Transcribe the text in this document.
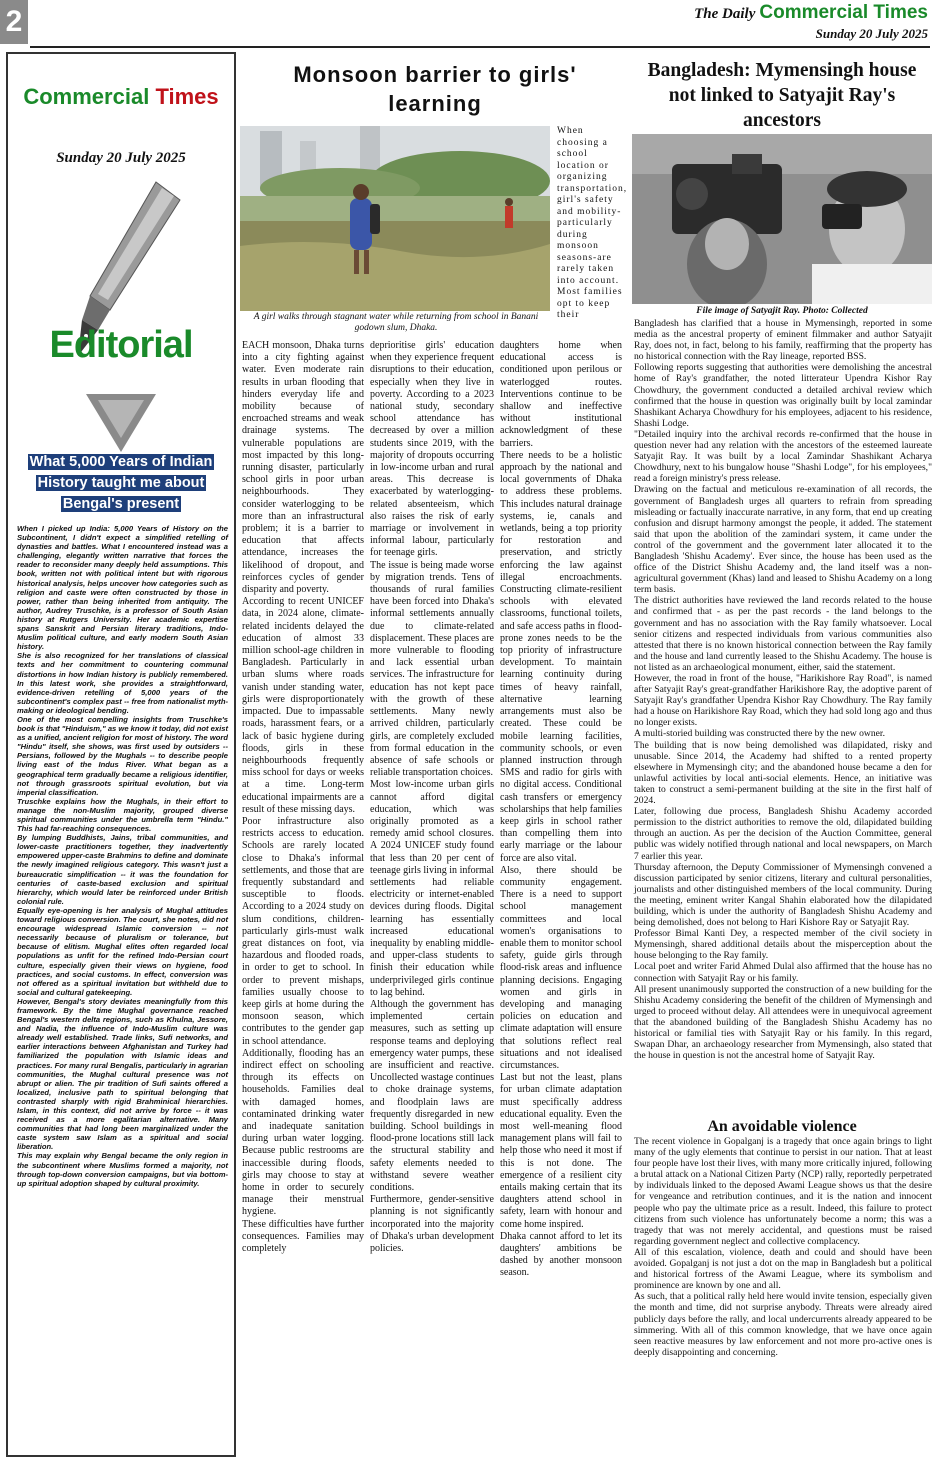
2	The Daily Commercial Times
Sunday 20 July 2025
Commercial Times
Sunday 20 July 2025
Editorial
What 5,000 Years of Indian History taught me about Bengal's present

When I picked up India: 5,000 Years of History on the Subcontinent, I didn't expect a simplified retelling of dynasties and battles. What I encountered instead was a challenging, elegantly written narrative that forces the reader to reconsider many deeply held assumptions. This book, written not with political intent but with rigorous historical analysis, helps uncover how categories such as religion and caste were often constructed by those in power, rather than being inherited from antiquity. The author, Audrey Truschke, is a professor of South Asian history at Rutgers University. Her academic expertise spans Sanskrit and Persian literary traditions, Indo-Muslim political culture, and early modern South Asian history.

She is also recognized for her translations of classical texts and her commitment to countering communal distortions in how Indian history is publicly remembered. In this latest work, she provides a straightforward, evidence-driven retelling of 5,000 years of the subcontinent's complex past -- free from nationalist myth-making or ideological bending.

One of the most compelling insights from Truschke's book is that "Hinduism," as we know it today, did not exist as a unified, ancient religion for most of history. The word "Hindu" itself, she shows, was first used by outsiders -- Persians, followed by the Mughals -- to describe people living east of the Indus River. What began as a geographical term gradually became a religious identifier, not through grassroots spiritual evolution, but via imperial classification.

Truschke explains how the Mughals, in their effort to manage the non-Muslim majority, grouped diverse spiritual communities under the umbrella term "Hindu." This had far-reaching consequences.

By lumping Buddhists, Jains, tribal communities, and lower-caste practitioners together, they inadvertently empowered upper-caste Brahmins to define and dominate the newly imagined religious category. This wasn't just a bureaucratic simplification -- it was the foundation for centuries of caste-based exclusion and spiritual hierarchy, which would later be reinforced under British colonial rule.

Equally eye-opening is her analysis of Mughal attitudes toward religious conversion. The court, she notes, did not encourage widespread Islamic conversion -- not necessarily because of pluralism or tolerance, but because of elitism. Mughal elites often regarded local populations as unfit for the refined Indo-Persian court culture, especially given their views on hygiene, food practices, and social customs. In effect, conversion was not offered as a spiritual invitation but withheld due to social and cultural gatekeeping.

However, Bengal's story deviates meaningfully from this framework. By the time Mughal governance reached Bengal's western delta regions, such as Khulna, Jessore, and Nadia, the influence of Indo-Muslim culture was already well established. Trade links, Sufi networks, and earlier interactions between Afghanistan and Turkey had familiarized the population with Islamic ideas and practices. For many rural Bengalis, particularly in agrarian communities, the Mughal cultural presence was not abrupt or alien. The pir tradition of Sufi saints offered a localized, inclusive path to spiritual belonging that contrasted sharply with rigid Brahminical hierarchies. Islam, in this context, did not arrive by force -- it was received as a more egalitarian alternative. Many communities that had long been marginalized under the caste system saw Islam as a spiritual and social liberation.

This may explain why Bengal became the only region in the subcontinent where Muslims formed a majority, not through top-down conversion campaigns, but via bottom-up spiritual adoption shaped by cultural proximity.

Monsoon barrier to girls' learning
A girl walks through stagnant water while returning from school in Banani godown slum, Dhaka.
When choosing a school location or organizing transportation, girl's safety and mobility-particularly during monsoon seasons-are rarely taken into account. Most families opt to keep their

EACH monsoon, Dhaka turns into a city fighting against water. Even moderate rain results in urban flooding that hinders everyday life and mobility because of encroached streams and weak drainage systems. The vulnerable populations are most impacted by this long-running disaster, particularly school girls in poor urban neighbourhoods. They consider waterlogging to be more than an infrastructural problem; it is a barrier to education that affects attendance, increases the likelihood of dropout, and reinforces cycles of gender disparity and poverty.

According to recent UNICEF data, in 2024 alone, climate-related incidents delayed the education of almost 33 million school-age children in Bangladesh. Particularly in urban slums where roads vanish under standing water, girls were disproportionately impacted. Due to impassable roads, harassment fears, or a lack of basic hygiene during floods, girls in these neighbourhoods frequently miss school for days or weeks at a time. Long-term educational impairments are a result of these missing days.

Poor infrastructure also restricts access to education. Schools are rarely located close to Dhaka's informal settlements, and those that are frequently substandard and susceptible to floods. According to a 2024 study on slum conditions, children-particularly girls-must walk great distances on foot, via hazardous and flooded roads, in order to get to school. In order to prevent mishaps, families usually choose to keep girls at home during the monsoon season, which contributes to the gender gap in school attendance.

Additionally, flooding has an indirect effect on schooling through its effects on households. Families deal with damaged homes, contaminated drinking water and inadequate sanitation during urban water logging. Because public restrooms are inaccessible during floods, girls may choose to stay at home in order to securely manage their menstrual hygiene.

These difficulties have further consequences. Families may completely

deprioritise girls' education when they experience frequent disruptions to their education, especially when they live in poverty. According to a 2023 national study, secondary school attendance has decreased by over a million students since 2019, with the majority of dropouts occurring in low-income urban and rural areas. This decrease is exacerbated by waterlogging-related absenteeism, which also raises the risk of early marriage or involvement in informal labour, particularly for teenage girls.

The issue is being made worse by migration trends. Tens of thousands of rural families have been forced into Dhaka's informal settlements annually due to climate-related displacement. These places are more vulnerable to flooding and lack essential urban services. The infrastructure for education has not kept pace with the growth of these settlements. Many newly arrived children, particularly girls, are completely excluded from formal education in the absence of safe schools or reliable transportation choices.

Most low-income urban girls cannot afford digital education, which was originally promoted as a remedy amid school closures. A 2024 UNICEF study found that less than 20 per cent of teenage girls living in informal settlements had reliable electricity or internet-enabled devices during floods. Digital learning has essentially increased educational inequality by enabling middle-and upper-class students to finish their education while underprivileged girls continue to lag behind.

Although the government has implemented certain measures, such as setting up response teams and deploying emergency water pumps, these are insufficient and reactive. Uncollected wastage continues to choke drainage systems, and floodplain laws are frequently disregarded in new building. School buildings in flood-prone locations still lack the structural stability and safety elements needed to withstand severe weather conditions.

Furthermore, gender-sensitive planning is not significantly incorporated into the majority of Dhaka's urban development policies.

daughters home when educational access is conditioned upon perilous or waterlogged routes. Interventions continue to be shallow and ineffective without institutional acknowledgment of these barriers.

There needs to be a holistic approach by the national and local governments of Dhaka to address these problems. This includes natural drainage systems, ie, canals and wetlands, being a top priority for restoration and preservation, and strictly enforcing the law against illegal encroachments. Constructing climate-resilient schools with elevated classrooms, functional toilets, and safe access paths in flood-prone zones needs to be the top priority of infrastructure development. To maintain learning continuity during times of heavy rainfall, alternative learning arrangements must also be created. These could be mobile learning facilities, community schools, or even planned instruction through SMS and radio for girls with no digital access. Conditional cash transfers or emergency scholarships that help families keep girls in school rather than compelling them into early marriage or the labour force are also vital.

Also, there should be community engagement. There is a need to support school management committees and local women's organisations to enable them to monitor school safety, guide girls through flood-risk areas and influence planning decisions. Engaging women and girls in developing and managing policies on education and climate adaptation will ensure that solutions reflect real situations and not idealised circumstances.

Last but not the least, plans for urban climate adaptation must specifically address educational equality. Even the most well-meaning flood management plans will fail to help those who need it most if this is not done. The emergence of a resilient city entails making certain that its daughters attend school in safety, learn with honour and come home inspired.

Dhaka cannot afford to let its daughters' ambitions be dashed by another monsoon season.

Bangladesh: Mymensingh house not linked to Satyajit Ray's ancestors
File image of Satyajit Ray. Photo: Collected

Bangladesh has clarified that a house in Mymensingh, reported in some media as the ancestral property of eminent filmmaker and author Satyajit Ray, does not, in fact, belong to his family, reaffirming that the property has no historical connection with the Ray lineage, reported BSS.

Following reports suggesting that authorities were demolishing the ancestral home of Ray's grandfather, the noted litterateur Upendra Kishor Ray Chowdhury, the government conducted a detailed archival review which confirmed that the house in question was originally built by local zamindar Shashikant Acharya Chowdhury for his employees, adjacent to his residence, Shashi Lodge.

"Detailed inquiry into the archival records re-confirmed that the house in question never had any relation with the ancestors of the esteemed laureate Satyajit Ray. It was built by a local Zamindar Shashikant Acharya Chowdhury, next to his bungalow house "Shashi Lodge", for his employees," read a foreign ministry's press release.

Drawing on the factual and meticulous re-examination of all records, the government of Bangladesh urges all quarters to refrain from spreading misleading or factually inaccurate narrative, in any form, that end up creating confusion and disrupt harmony amongst the people, it added. The statement said that upon the abolition of the zamindari system, it came under the control of the government and the government later allocated it to the Bangladesh 'Shishu Academy'. Ever since, the house has been used as the office of the District Shishu Academy and, the land itself was a non-agricultural government (Khas) land and leased to Shishu Academy on a long term basis.

The district authorities have reviewed the land records related to the house and confirmed that - as per the past records - the land belongs to the government and has no association with the Ray family whatsoever. Local senior citizens and respected individuals from various communities also attested that there is no known historical connection between the Ray family and the house and land currently leased to the Shishu Academy. The house is not listed as an archaeological monument, either, said the statement.

However, the road in front of the house, "Harikishore Ray Road", is named after Satyajit Ray's great-grandfather Harikishore Ray, the adoptive parent of Satyajit Ray's grandfather Upendra Kishor Ray Chowdhury. The Ray family had a house on Harikishore Ray Road, which they had sold long ago and thus no longer exists.

A multi-storied building was constructed there by the new owner.

The building that is now being demolished was dilapidated, risky and unusable. Since 2014, the Academy had shifted to a rented property elsewhere in Mymensingh city; and the abandoned house became a den for unlawful activities by local anti-social elements. Hence, an initiative was taken to construct a semi-permanent building at the site in the first half of 2024.

Later, following due process, Bangladesh Shishu Academy accorded permission to the district authorities to remove the old, dilapidated building through an auction. As per the decision of the Auction Committee, general public was widely notified through national and local newspapers, on March 7 earlier this year.

Thursday afternoon, the Deputy Commissioner of Mymensingh convened a discussion participated by senior citizens, literary and cultural personalities, journalists and other distinguished members of the local community. During the meeting, eminent writer Kangal Shahin elaborated how the dilapidated building, which is under the authority of Bangladesh Shishu Academy and being demolished, does not belong to Hari Kishore Ray or Satyajit Ray.

Professor Bimal Kanti Dey, a respected member of the civil society in Mymensingh, shared additional details about the misperception about the house belonging to the Ray family.

Local poet and writer Farid Ahmed Dulal also affirmed that the house has no connection with Satyajit Ray or his family.

All present unanimously supported the construction of a new building for the Shishu Academy considering the benefit of the children of Mymensingh and urged to proceed without delay. All attendees were in unequivocal agreement that the abandoned building of the Bangladesh Shishu Academy has no historical or familial ties with Satyajit Ray or his family. In this regard, Swapan Dhar, an archaeology researcher from Mymensingh, also stated that the house in question is not the ancestral home of Satyajit Ray.

An avoidable violence

The recent violence in Gopalganj is a tragedy that once again brings to light many of the ugly elements that continue to persist in our nation. That at least four people have lost their lives, with many more critically injured, following a brutal attack on a National Citizen Party (NCP) rally, reportedly perpetrated by individuals linked to the deposed Awami League shows us that the desire for vengeance and retribution continues, and it is the nation and innocent people who pay the ultimate price as a result. Indeed, this failure to protect citizens from such violence has unfortunately become a norm; this was a tragedy that was not merely accidental, and questions must be raised regarding government neglect and collective complacency.

All of this escalation, violence, death and could and should have been avoided. Gopalganj is not just a dot on the map in Bangladesh but a political and historical fortress of the Awami League, where its symbolism and prominence are known by one and all.

As such, that a political rally held here would invite tension, especially given the month and time, did not surprise anybody. Threats were already aired publicly days before the rally, and local undercurrents already appeared to be simmering. With all of this common knowledge, that we have once again seen reactive measures by law enforcement and not more pro-active ones is deeply disappointing and concerning.
